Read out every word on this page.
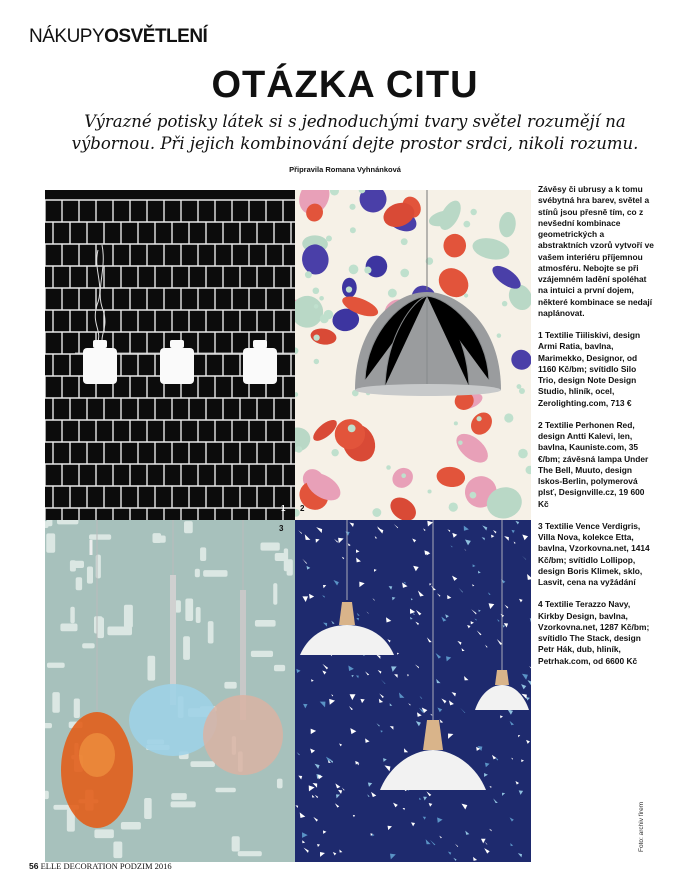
NÁKUPYOSVĚTLENÍ
OTÁZKA CITU
Výrazné potisky látek si s jednoduchými tvary světel rozumějí na výbornou. Při jejich kombinování dejte prostor srdci, nikoli rozumu.
Připravila Romana Vyhnánková
1 2
3

Závěsy či ubrusy a k tomu svébytná hra barev, světel a stínů jsou přesně tím, co z nevšední kombinace geometrických a abstraktních vzorů vytvoří ve vašem interiéru příjemnou atmosféru. Nebojte se při vzájemném ladění spoléhat na intuici a první dojem, některé kombinace se nedají naplánovat.

1 Textilie Tiiliskivi, design Armi Ratia, bavlna, Marimekko, Designor, od 1160 Kč/bm; svítidlo Silo Trio, design Note Design Studio, hliník, ocel, Zerolighting.com, 713 €

2 Textilie Perhonen Red, design Antti Kalevi, len, bavlna, Kauniste.com, 35 €/bm; závěsná lampa Under The Bell, Muuto, design Iskos-Berlin, polymerová plsť, Designville.cz, 19 600 Kč

3 Textilie Vence Verdigris, Villa Nova, kolekce Etta, bavlna, Vzorkovna.net, 1414 Kč/bm; svítidlo Lollipop, design Boris Klimek, sklo, Lasvit, cena na vyžádání

4 Textilie Terazzo Navy, Kirkby Design, bavlna, Vzorkovna.net, 1287 Kč/bm; svítidlo The Stack, design Petr Hák, dub, hliník, Petrhak.com, od 6600 Kč

56 ELLE DECORATION PODZIM 2016
Foto: archiv firem
